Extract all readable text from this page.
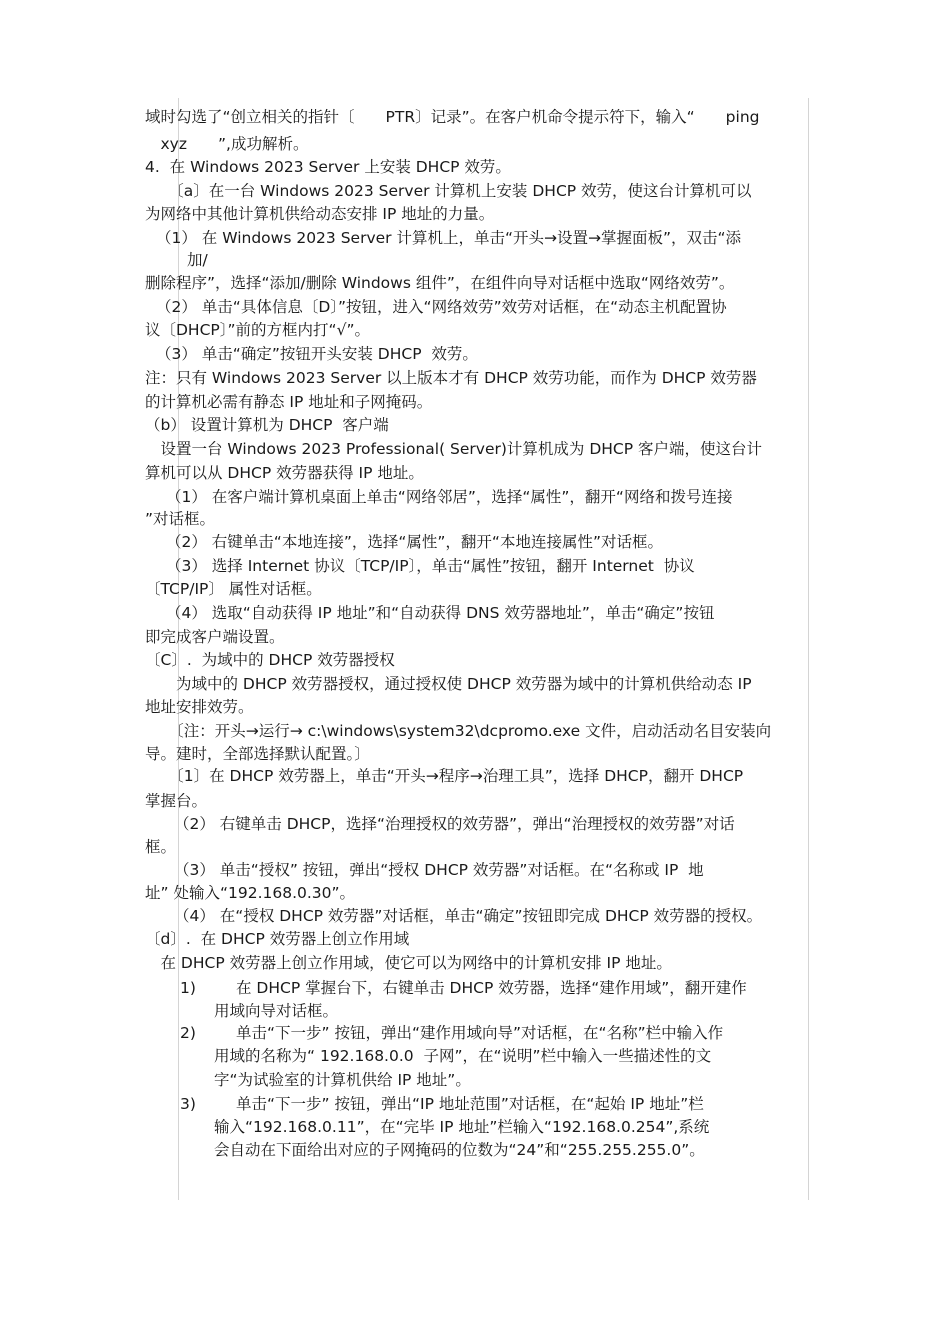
域时勾选了“创立相关的指针〔　　PTR〕记录”。在客户机命令提示符下，输入“　　ping
　xyz　　”,成功解析。
4.  在 Windows 2023 Server 上安装 DHCP 效劳。
　　〔a〕在一台 Windows 2023 Server 计算机上安装 DHCP 效劳，使这台计算机可以
为网络中其他计算机供给动态安排 IP 地址的力量。
（1） 在 Windows 2023 Server 计算机上，单击“开头→设置→掌握面板”，双击“添
　　加/
删除程序”，选择“添加/删除 Windows 组件”，在组件向导对话框中选取“网络效劳”。
（2） 单击“具体信息〔D〕”按钮，进入“网络效劳”效劳对话框，在“动态主机配置协
议〔DHCP〕”前的方框内打“√”。
（3） 单击“确定”按钮开头安装 DHCP  效劳。
注：只有 Windows 2023 Server 以上版本才有 DHCP 效劳功能，而作为 DHCP 效劳器
的计算机必需有静态 IP 地址和子网掩码。
（b） 设置计算机为 DHCP  客户端
　设置一台 Windows 2023 Professional( Server)计算机成为 DHCP 客户端，使这台计
算机可以从 DHCP 效劳器获得 IP 地址。
（1） 在客户端计算机桌面上单击“网络邻居”，选择“属性”，翻开“网络和拨号连接
”对话框。
（2） 右键单击“本地连接”，选择“属性”，翻开“本地连接属性”对话框。
（3） 选择 Internet 协议〔TCP/IP〕，单击“属性”按钮，翻开 Internet  协议
〔TCP/IP〕 属性对话框。
（4） 选取“自动获得 IP 地址”和“自动获得 DNS 效劳器地址”，单击“确定”按钮
即完成客户端设置。
〔C〕.  为域中的 DHCP 效劳器授权
　　为域中的 DHCP 效劳器授权，通过授权使 DHCP 效劳器为域中的计算机供给动态 IP
地址安排效劳。
　　〔注：开头→运行→ c:\windows\system32\dcpromo.exe 文件，启动活动名目安装向
导。建时，全部选择默认配置。〕
　　〔1〕在 DHCP 效劳器上，单击“开头→程序→治理工具”，选择 DHCP，翻开 DHCP
掌握台。
（2） 右键单击 DHCP，选择“治理授权的效劳器”，弹出“治理授权的效劳器”对话
框。
（3） 单击“授权” 按钮，弹出“授权 DHCP 效劳器”对话框。在“名称或 IP  地
址” 处输入“192.168.0.30”。
（4） 在“授权 DHCP 效劳器”对话框，单击“确定”按钮即完成 DHCP 效劳器的授权。
〔d〕.  在 DHCP 效劳器上创立作用域
　在 DHCP 效劳器上创立作用域，使它可以为网络中的计算机安排 IP 地址。
1)	在 DHCP 掌握台下，右键单击 DHCP 效劳器，选择“建作用域”，翻开建作
用域向导对话框。
2)	单击“下一步” 按钮，弹出“建作用域向导”对话框，在“名称”栏中输入作
用域的名称为“ 192.168.0.0  子网”，在“说明”栏中输入一些描述性的文
字“为试验室的计算机供给 IP 地址”。
3)	单击“下一步” 按钮，弹出“IP 地址范围”对话框，在“起始 IP 地址”栏
输入“192.168.0.11”，在“完毕 IP 地址”栏输入“192.168.0.254”,系统
会自动在下面给出对应的子网掩码的位数为“24”和“255.255.255.0”。
